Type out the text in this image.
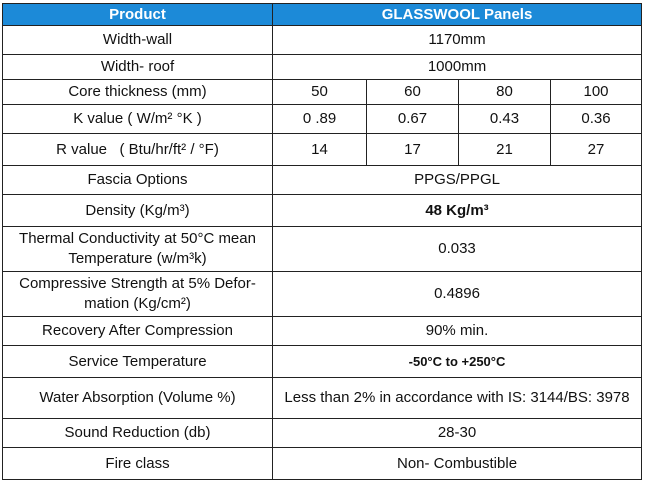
Product	GLASSWOOL Panels			
Width-wall	1170mm			
Width- roof	1000mm			
Core thickness (mm)	50	60	80	100
K value ( W/m² °K )	0 .89	0.67	0.43	0.36
R value   ( Btu/hr/ft² / °F)	14	17	21	27
Fascia Options	PPGS/PPGL			
Density (Kg/m³)	48 Kg/m³			
Thermal Conductivity at 50°C mean
Temperature (w/m³k)	0.033			
Compressive Strength at 5% Defor-
mation (Kg/cm²)	0.4896			
Recovery After Compression	90% min.			
Service Temperature	-50°C to +250°C			
Water Absorption (Volume %)	Less than 2% in accordance with IS: 3144/BS: 3978			
Sound Reduction (db)	28-30			
Fire class	Non- Combustible			
